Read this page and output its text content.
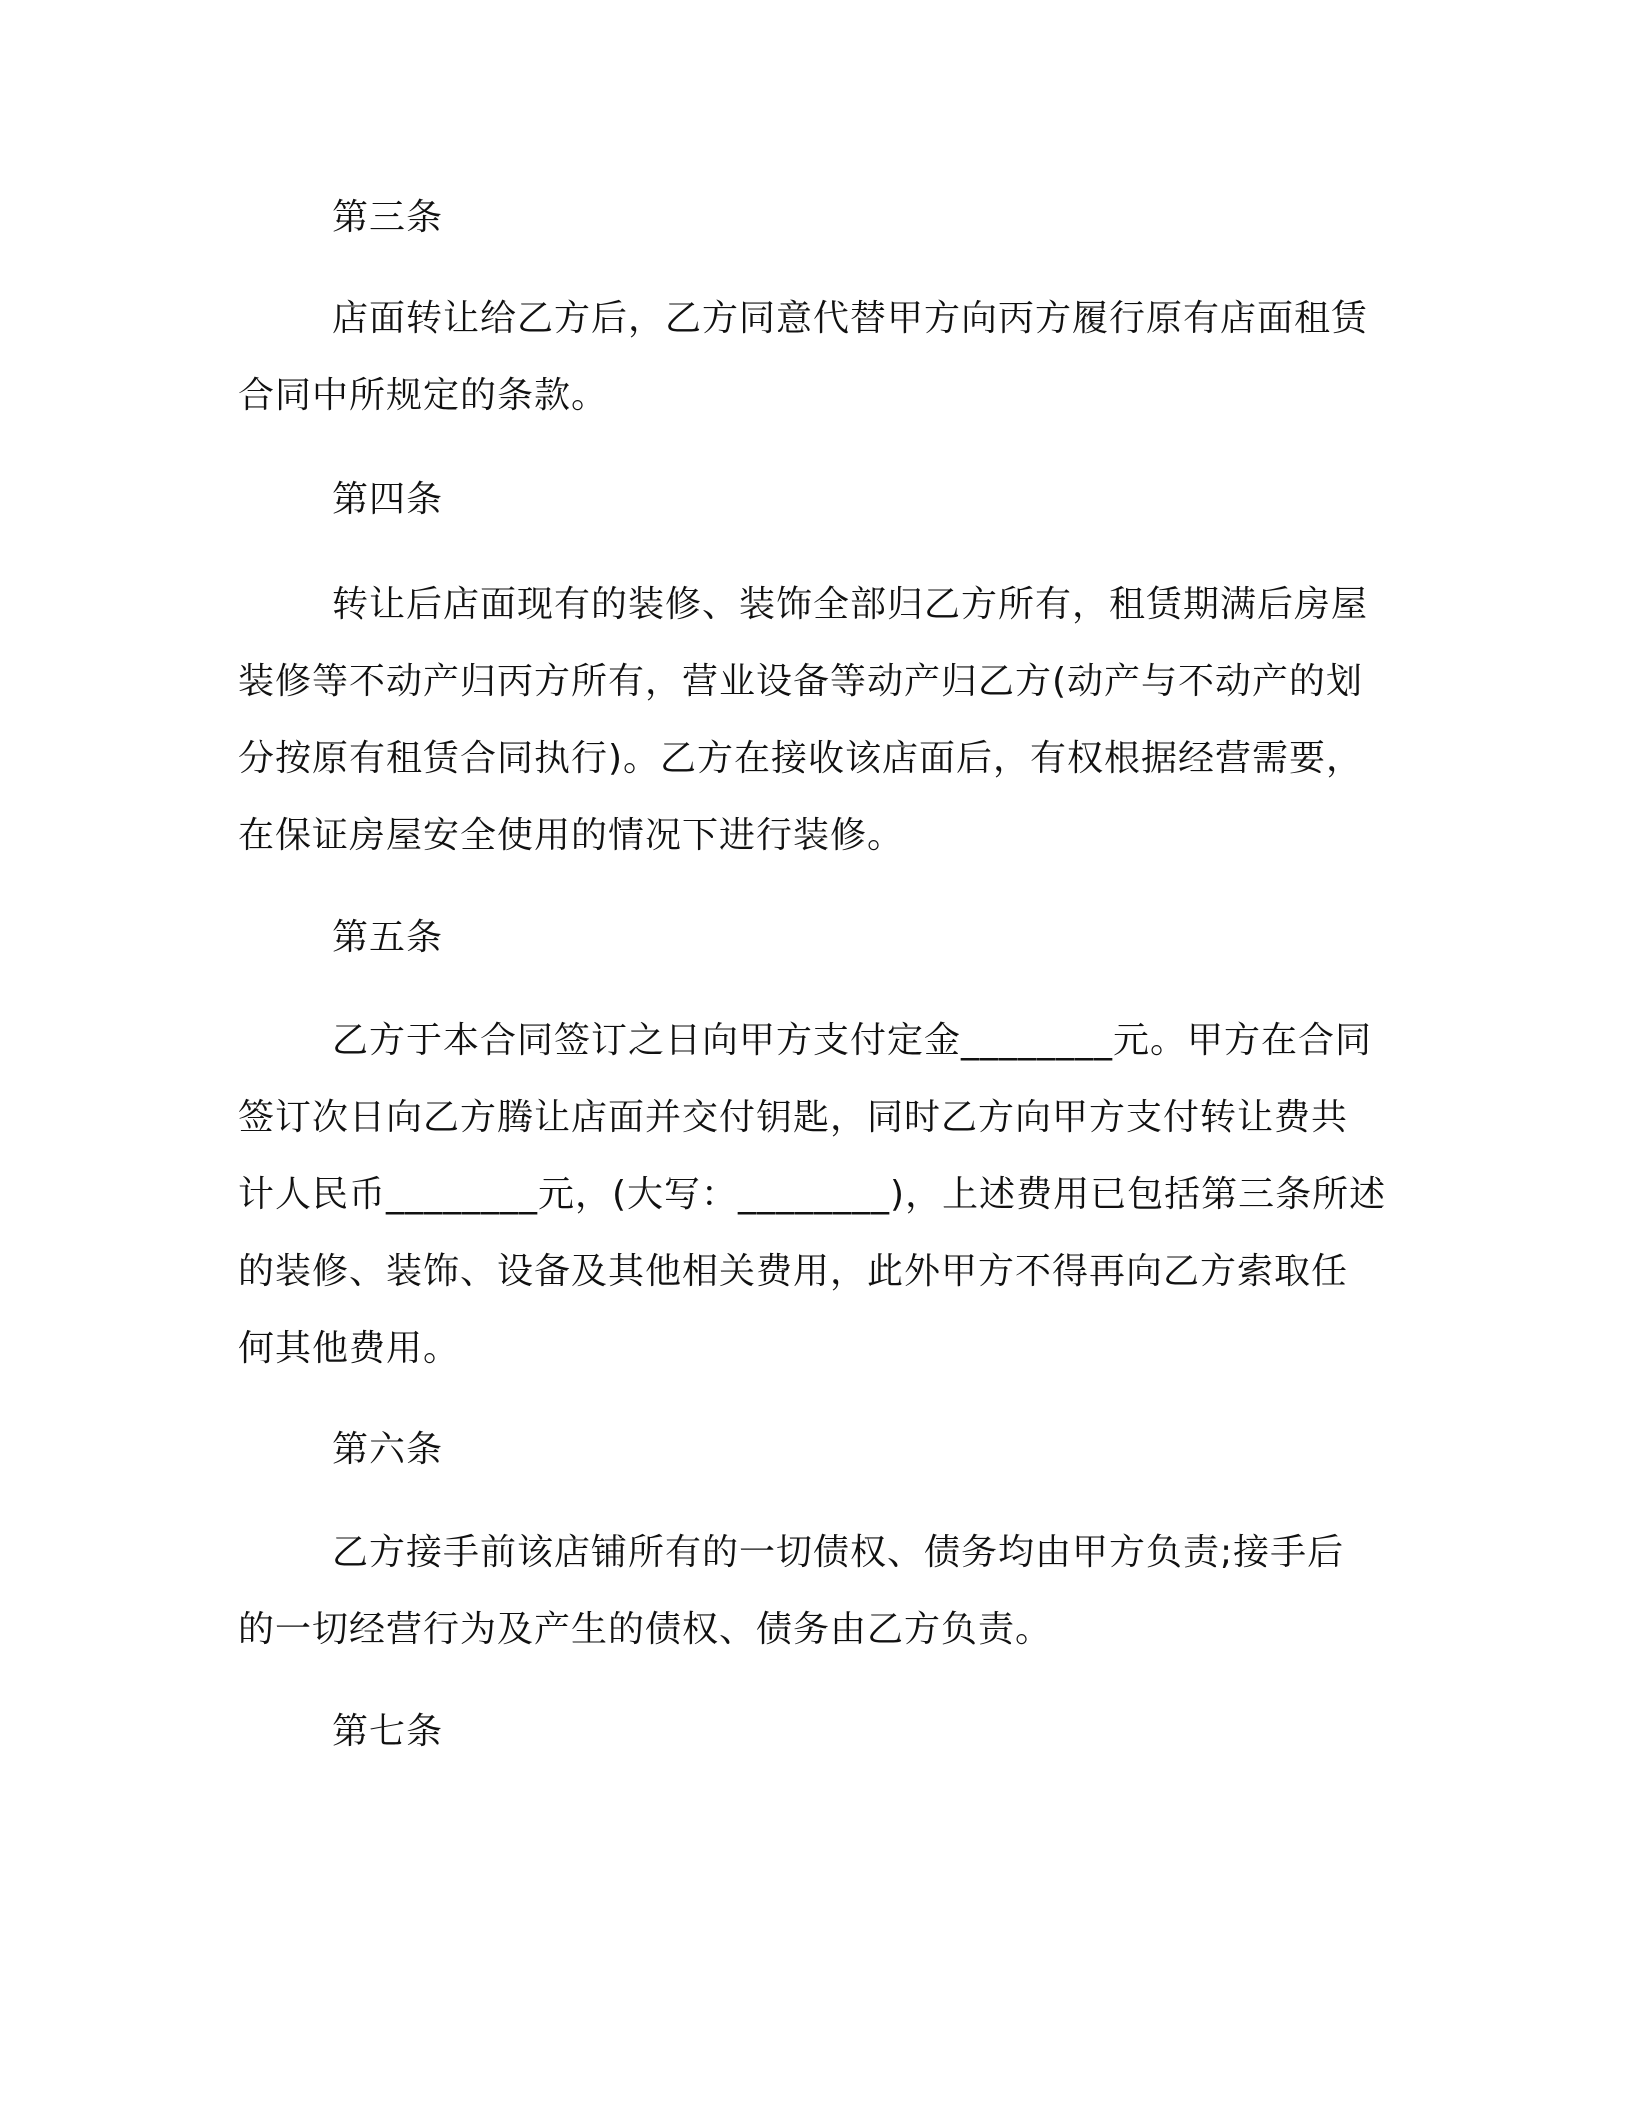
第三条
店面转让给乙方后，乙方同意代替甲方向丙方履行原有店面租赁
合同中所规定的条款。
第四条
转让后店面现有的装修、装饰全部归乙方所有，租赁期满后房屋
装修等不动产归丙方所有，营业设备等动产归乙方(动产与不动产的划
分按原有租赁合同执行)。乙方在接收该店面后，有权根据经营需要，
在保证房屋安全使用的情况下进行装修。
第五条
乙方于本合同签订之日向甲方支付定金________元。甲方在合同
签订次日向乙方腾让店面并交付钥匙，同时乙方向甲方支付转让费共
计人民币________元，(大写：________)，上述费用已包括第三条所述
的装修、装饰、设备及其他相关费用，此外甲方不得再向乙方索取任
何其他费用。
第六条
乙方接手前该店铺所有的一切债权、债务均由甲方负责;接手后
的一切经营行为及产生的债权、债务由乙方负责。
第七条
